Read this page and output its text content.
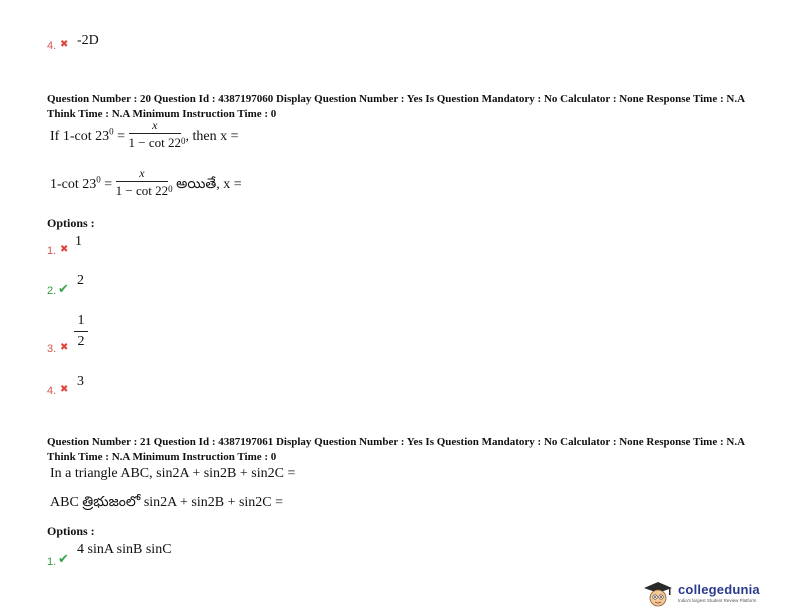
4. ✖ -2D
Question Number : 20 Question Id : 4387197060 Display Question Number : Yes Is Question Mandatory : No Calculator : None Response Time : N.A Think Time : N.A Minimum Instruction Time : 0
If 1-cot $23^0 = \frac{x}{1 - \cot 22} 0$, then x =
1-cot $23^0 = \frac{x}{1 - \cot 22} 0$ అయితే, x =
Options :
1. ✖
1
2. ✔
2
3. ✖
1
2
4. ✖
3
Question Number : 21 Question Id : 4387197061 Display Question Number : Yes Is Question Mandatory : No Calculator : None Response Time : N.A Think Time : N.A Minimum Instruction Time : 0
In a triangle ABC, sin2A + sin2B + sin2C =
ABC త్రిభుజంలో sin2A + sin2B + sin2C =
Options :
1. ✔
4 sinA sinB sinC
collegedunia
India's largest Student Review Platform
